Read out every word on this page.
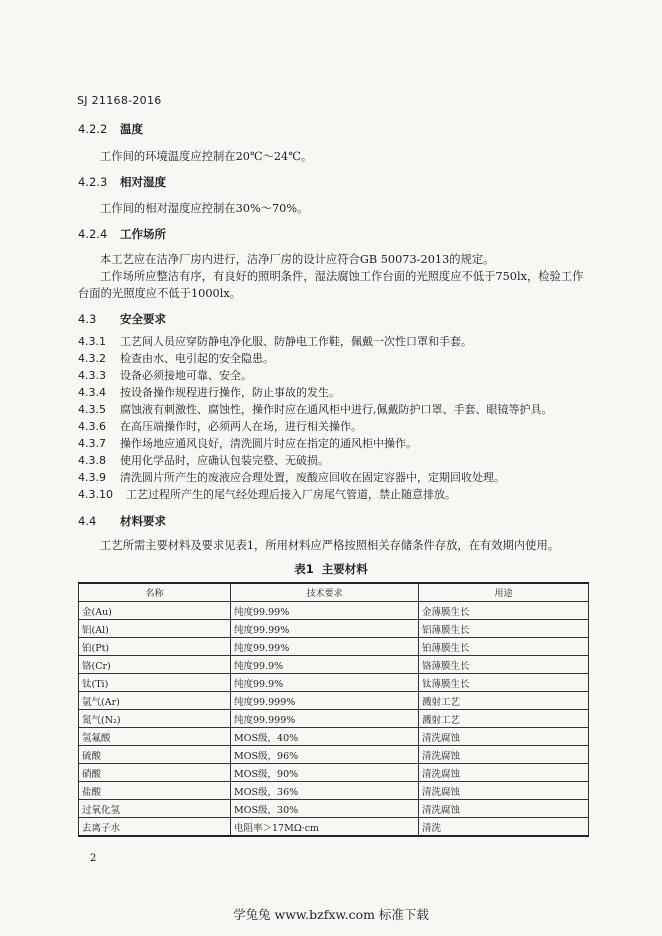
SJ 21168-2016
4.2.2 温度
工作间的环境温度应控制在20℃～24℃。
4.2.3 相对湿度
工作间的相对湿度应控制在30%～70%。
4.2.4 工作场所
本工艺应在洁净厂房内进行，洁净厂房的设计应符合GB 50073-2013的规定。
工作场所应整洁有序，有良好的照明条件，湿法腐蚀工作台面的光照度应不低于750lx，检验工作
台面的光照度应不低于1000lx。
4.3 安全要求
4.3.1 工艺间人员应穿防静电净化服、防静电工作鞋，佩戴一次性口罩和手套。
4.3.2 检查由水、电引起的安全隐患。
4.3.3 设备必须接地可靠、安全。
4.3.4 按设备操作规程进行操作，防止事故的发生。
4.3.5 腐蚀液有刺激性、腐蚀性，操作时应在通风柜中进行,佩戴防护口罩、手套、眼镜等护具。
4.3.6 在高压端操作时，必须两人在场，进行相关操作。
4.3.7 操作场地应通风良好，清洗圆片时应在指定的通风柜中操作。
4.3.8 使用化学品时，应确认包装完整、无破损。
4.3.9 清洗圆片所产生的废液应合理处置，废酸应回收在固定容器中，定期回收处理。
4.3.10 工艺过程所产生的尾气经处理后接入厂房尾气管道，禁止随意排放。
4.4 材料要求
工艺所需主要材料及要求见表1，所用材料应严格按照相关存储条件存放，在有效期内使用。
表1 主要材料
名称	技术要求	用途
金(Au)	纯度99.99%	金薄膜生长
铝(Al)	纯度99.99%	铝薄膜生长
铂(Pt)	纯度99.99%	铂薄膜生长
铬(Cr)	纯度99.9%	铬薄膜生长
钛(Ti)	纯度99.9%	钛薄膜生长
氩气(Ar)	纯度99.999%	溅射工艺
氮气(N₂)	纯度99.999%	溅射工艺
氢氟酸	MOS级，40%	清洗腐蚀
硫酸	MOS级，96%	清洗腐蚀
硝酸	MOS级，90%	清洗腐蚀
盐酸	MOS级，36%	清洗腐蚀
过氧化氢	MOS级，30%	清洗腐蚀
去离子水	电阻率＞17MΩ·cm	清洗
2
学兔兔 www.bzfxw.com 标准下载
